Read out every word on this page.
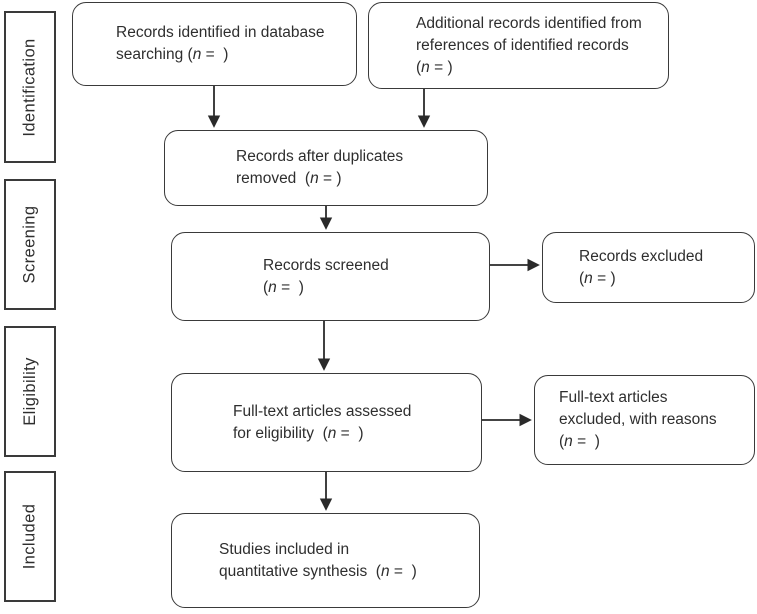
Identification
Screening
Eligibility
Included
Records identified in database
searching (n =  )
Additional records identified from
references of identified records
(n = )
Records after duplicates
removed  (n = )
Records screened
(n =  )
Records excluded
(n = )
Full-text articles assessed
for eligibility  (n =  )
Full-text articles
excluded, with reasons
(n =  )
Studies included in
quantitative synthesis  (n =  )
